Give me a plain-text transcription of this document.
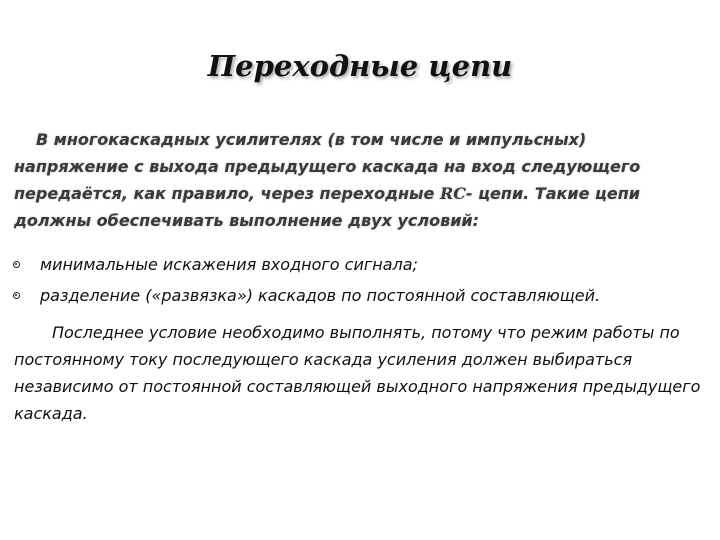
Переходные цепи
В многокаскадных усилителях (в том числе и импульсных) напряжение с выхода предыдущего каскада на вход следующего передаётся, как правило, через переходные RC- цепи. Такие цепи должны обеспечивать выполнение двух условий:
минимальные искажения входного сигнала;
разделение («развязка») каскадов по постоянной составляющей.
Последнее условие необходимо выполнять, потому что режим работы по постоянному току последующего каскада усиления должен выбираться независимо от постоянной составляющей выходного напряжения предыдущего каскада.
